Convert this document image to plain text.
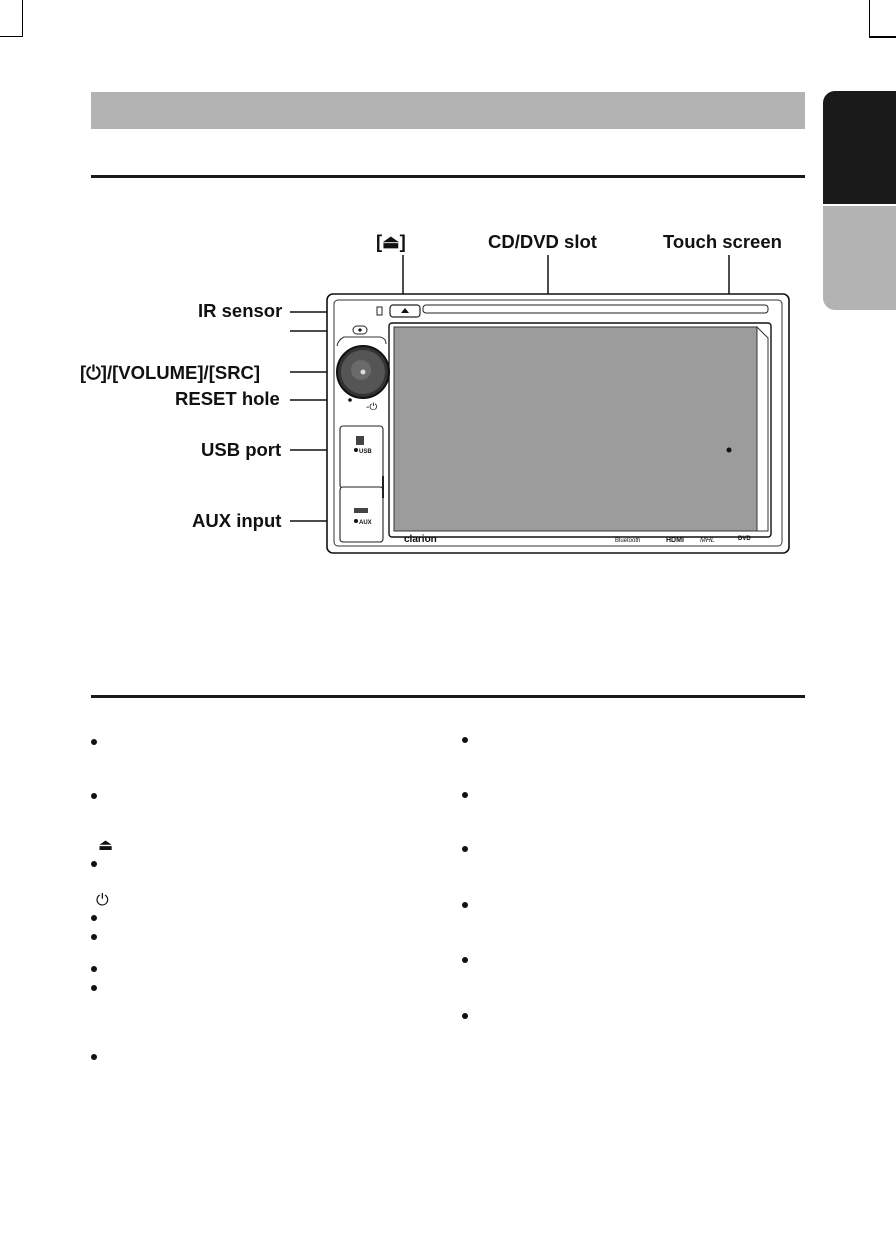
[⏏]	CD/DVD slot	Touch screen
IR sensor
[⏻]/[VOLUME]/[SRC]
RESET hole
USB port
AUX input
-⏻
USB
AUX
clarion	Bluetooth	HDMI MHL	DVD
⏏
⏻
